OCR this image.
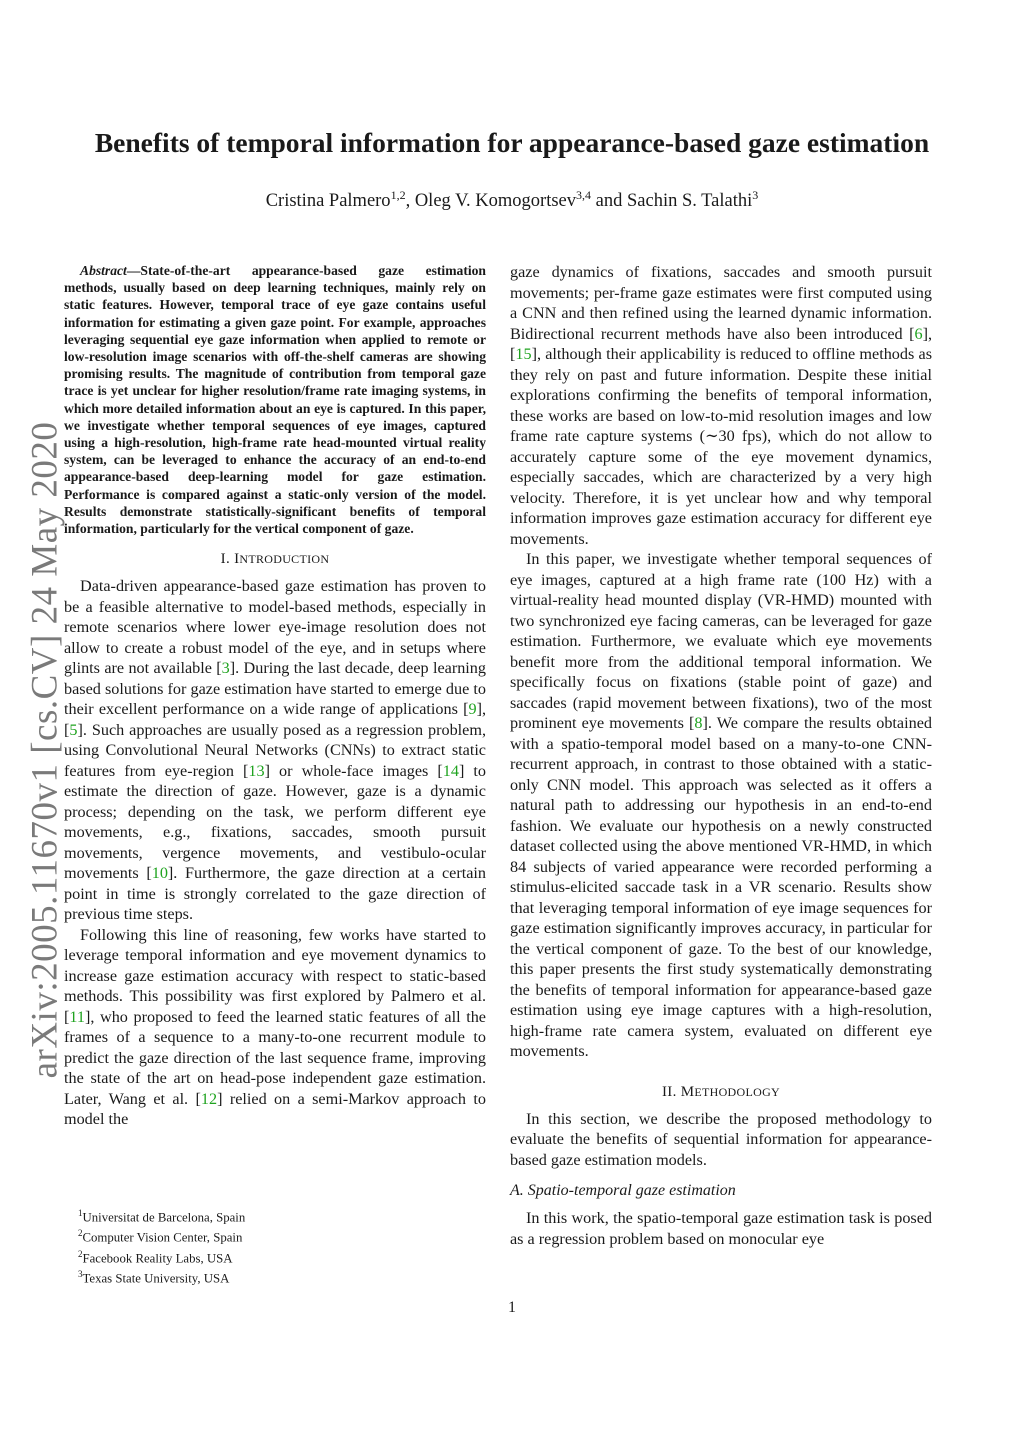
Benefits of temporal information for appearance-based gaze estimation
Cristina Palmero$^{1,2}$, Oleg V. Komogortsev$^{3,4}$ and Sachin S. Talathi$^3$
arXiv:2005.11670v1 [cs.CV] 24 May 2020

Abstract—State-of-the-art appearance-based gaze estimation methods, usually based on deep learning techniques, mainly rely on static features. However, temporal trace of eye gaze contains useful information for estimating a given gaze point. For example, approaches leveraging sequential eye gaze information when applied to remote or low-resolution image scenarios with off-the-shelf cameras are showing promising results. The magnitude of contribution from temporal gaze trace is yet unclear for higher resolution/frame rate imaging systems, in which more detailed information about an eye is captured. In this paper, we investigate whether temporal sequences of eye images, captured using a high-resolution, high-frame rate head-mounted virtual reality system, can be leveraged to enhance the accuracy of an end-to-end appearance-based deep-learning model for gaze estimation. Performance is compared against a static-only version of the model. Results demonstrate statistically-significant benefits of temporal information, particularly for the vertical component of gaze.

I. INTRODUCTION

Data-driven appearance-based gaze estimation has proven to be a feasible alternative to model-based methods, especially in remote scenarios where lower eye-image resolution does not allow to create a robust model of the eye, and in setups where glints are not available [3]. During the last decade, deep learning based solutions for gaze estimation have started to emerge due to their excellent performance on a wide range of applications [9], [5]. Such approaches are usually posed as a regression problem, using Convolutional Neural Networks (CNNs) to extract static features from eye-region [13] or whole-face images [14] to estimate the direction of gaze. However, gaze is a dynamic process; depending on the task, we perform different eye movements, e.g., fixations, saccades, smooth pursuit movements, vergence movements, and vestibulo-ocular movements [10]. Furthermore, the gaze direction at a certain point in time is strongly correlated to the gaze direction of previous time steps.

Following this line of reasoning, few works have started to leverage temporal information and eye movement dynamics to increase gaze estimation accuracy with respect to static-based methods. This possibility was first explored by Palmero et al. [11], who proposed to feed the learned static features of all the frames of a sequence to a many-to-one recurrent module to predict the gaze direction of the last sequence frame, improving the state of the art on head-pose independent gaze estimation. Later, Wang et al. [12] relied on a semi-Markov approach to model the

$^1$Universitat de Barcelona, Spain
$^2$Computer Vision Center, Spain
$^2$Facebook Reality Labs, USA
$^3$Texas State University, USA

gaze dynamics of fixations, saccades and smooth pursuit movements; per-frame gaze estimates were first computed using a CNN and then refined using the learned dynamic information. Bidirectional recurrent methods have also been introduced [6], [15], although their applicability is reduced to offline methods as they rely on past and future information. Despite these initial explorations confirming the benefits of temporal information, these works are based on low-to-mid resolution images and low frame rate capture systems (∼30 fps), which do not allow to accurately capture some of the eye movement dynamics, especially saccades, which are characterized by a very high velocity. Therefore, it is yet unclear how and why temporal information improves gaze estimation accuracy for different eye movements.

In this paper, we investigate whether temporal sequences of eye images, captured at a high frame rate (100 Hz) with a virtual-reality head mounted display (VR-HMD) mounted with two synchronized eye facing cameras, can be leveraged for gaze estimation. Furthermore, we evaluate which eye movements benefit more from the additional temporal information. We specifically focus on fixations (stable point of gaze) and saccades (rapid movement between fixations), two of the most prominent eye movements [8]. We compare the results obtained with a spatio-temporal model based on a many-to-one CNN-recurrent approach, in contrast to those obtained with a static-only CNN model. This approach was selected as it offers a natural path to addressing our hypothesis in an end-to-end fashion. We evaluate our hypothesis on a newly constructed dataset collected using the above mentioned VR-HMD, in which 84 subjects of varied appearance were recorded performing a stimulus-elicited saccade task in a VR scenario. Results show that leveraging temporal information of eye image sequences for gaze estimation significantly improves accuracy, in particular for the vertical component of gaze. To the best of our knowledge, this paper presents the first study systematically demonstrating the benefits of temporal information for appearance-based gaze estimation using eye image captures with a high-resolution, high-frame rate camera system, evaluated on different eye movements.

II. METHODOLOGY

In this section, we describe the proposed methodology to evaluate the benefits of sequential information for appearance-based gaze estimation models.

A. Spatio-temporal gaze estimation

In this work, the spatio-temporal gaze estimation task is posed as a regression problem based on monocular eye

1
